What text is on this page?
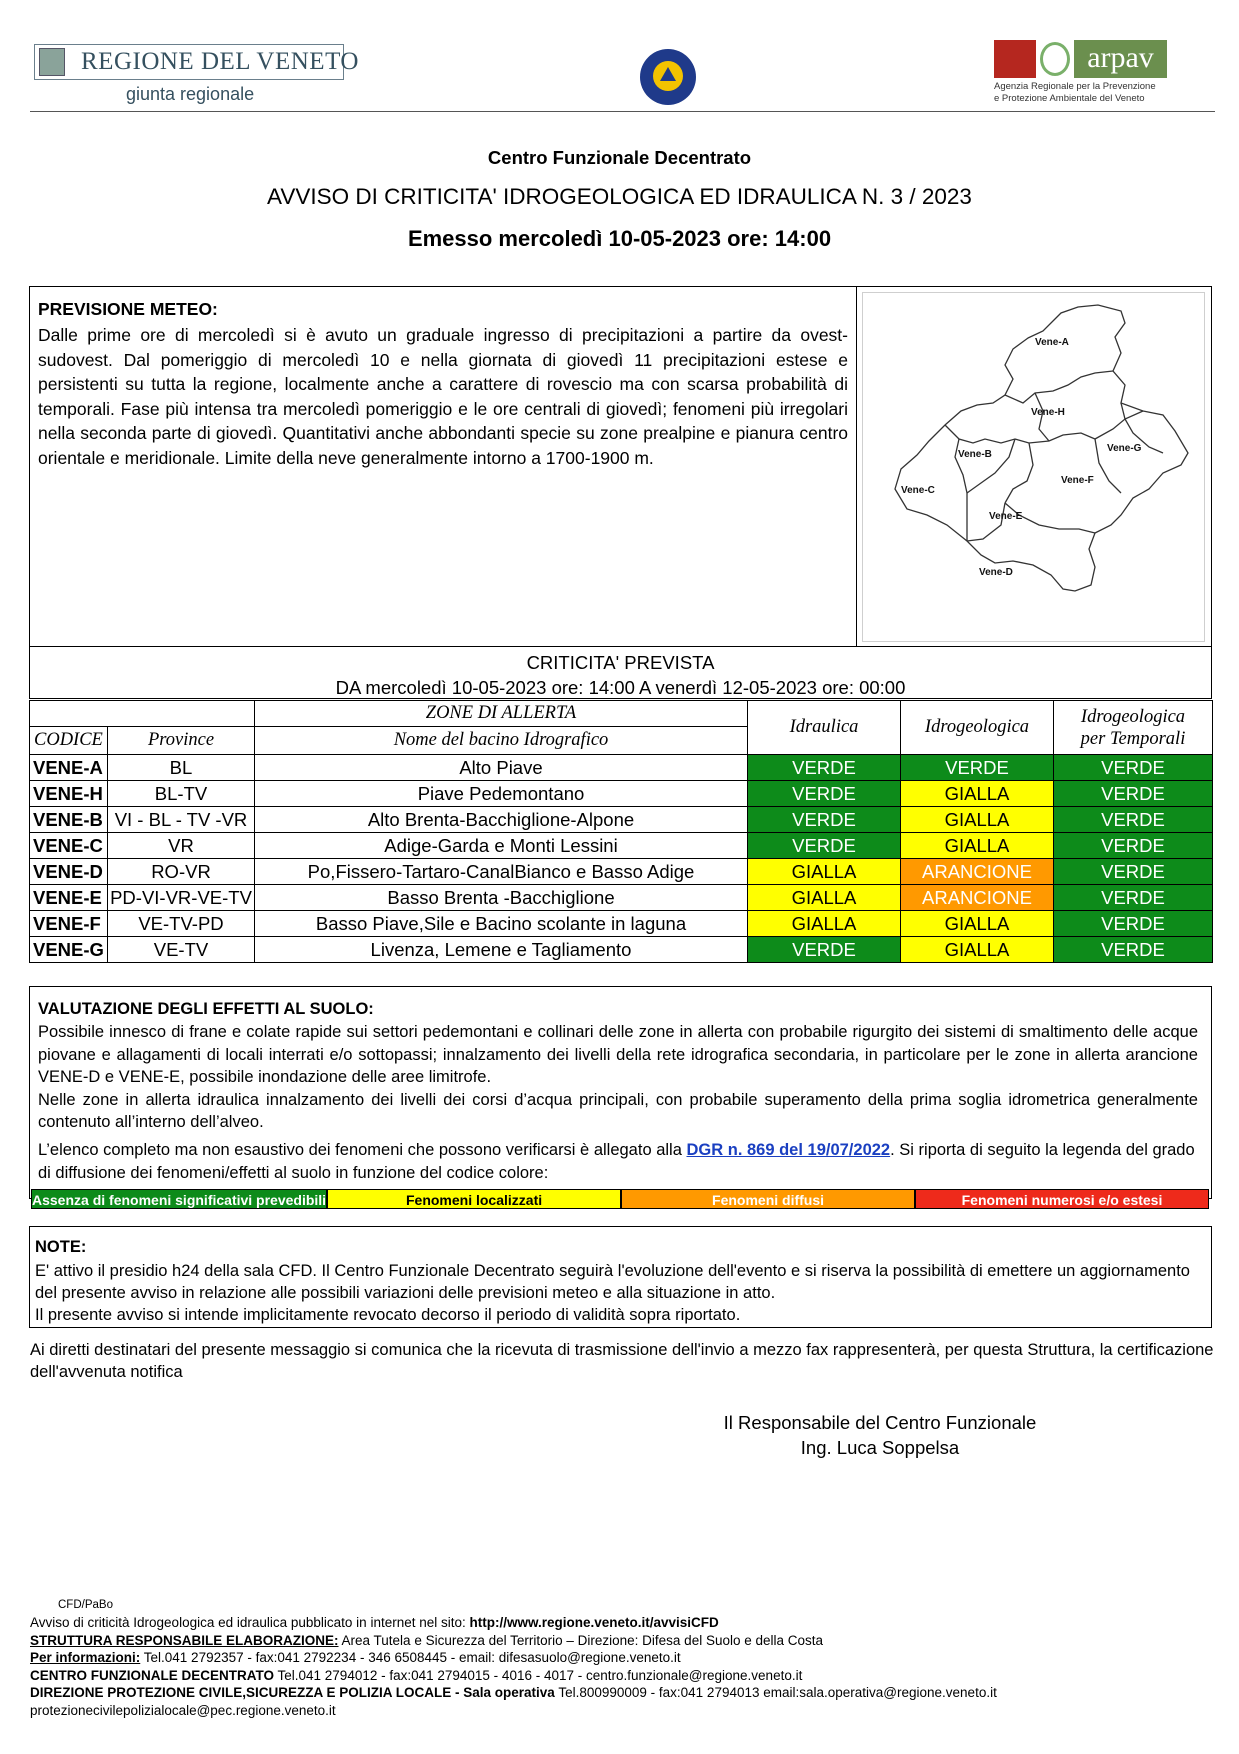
REGIONE DEL VENETO
giunta regionale
arpav
Agenzia Regionale per la Prevenzione
e Protezione Ambientale del Veneto
Centro Funzionale Decentrato
AVVISO DI CRITICITA' IDROGEOLOGICA ED IDRAULICA N. 3 / 2023
Emesso mercoledì 10-05-2023 ore: 14:00
PREVISIONE METEO:
Dalle prime ore di mercoledì si è avuto un graduale ingresso di precipitazioni a partire da ovest-sudovest. Dal pomeriggio di mercoledì 10 e nella giornata di giovedì 11 precipitazioni estese e persistenti su tutta la regione, localmente anche a carattere di rovescio ma con scarsa probabilità di temporali. Fase più intensa tra mercoledì pomeriggio e le ore centrali di giovedì; fenomeni più irregolari nella seconda parte di giovedì. Quantitativi anche abbondanti specie su zone prealpine e pianura centro orientale e meridionale. Limite della neve generalmente intorno a 1700-1900 m.
Vene-A
Vene-H
Vene-B
Vene-G
Vene-F
Vene-C
Vene-E
Vene-D
CRITICITA' PREVISTA
DA mercoledì 10-05-2023 ore: 14:00 A venerdì 12-05-2023 ore: 00:00
		ZONE DI ALLERTA	Idraulica	Idrogeologica	Idrogeologica
per Temporali
CODICE	Province	Nome del bacino Idrografico			
VENE-A	BL	Alto Piave	VERDE	VERDE	VERDE
VENE-H	BL-TV	Piave Pedemontano	VERDE	GIALLA	VERDE
VENE-B	VI - BL - TV -VR	Alto Brenta-Bacchiglione-Alpone	VERDE	GIALLA	VERDE
VENE-C	VR	Adige-Garda e Monti Lessini	VERDE	GIALLA	VERDE
VENE-D	RO-VR	Po,Fissero-Tartaro-CanalBianco e Basso Adige	GIALLA	ARANCIONE	VERDE
VENE-E	PD-VI-VR-VE-TV	Basso Brenta -Bacchiglione	GIALLA	ARANCIONE	VERDE
VENE-F	VE-TV-PD	Basso Piave,Sile e Bacino scolante in laguna	GIALLA	GIALLA	VERDE
VENE-G	VE-TV	Livenza, Lemene e Tagliamento	VERDE	GIALLA	VERDE
VALUTAZIONE DEGLI EFFETTI AL SUOLO:
Possibile innesco di frane e colate rapide sui settori pedemontani e collinari delle zone in allerta con probabile rigurgito dei sistemi di smaltimento delle acque piovane e allagamenti di locali interrati e/o sottopassi; innalzamento dei livelli della rete idrografica secondaria, in particolare per le zone in allerta arancione VENE-D e VENE-E, possibile inondazione delle aree limitrofe.
Nelle zone in allerta idraulica innalzamento dei livelli dei corsi d’acqua principali, con probabile superamento della prima soglia idrometrica generalmente contenuto all’interno dell’alveo.
L’elenco completo ma non esaustivo dei fenomeni che possono verificarsi è allegato alla DGR n. 869 del 19/07/2022. Si riporta di seguito la legenda del grado di diffusione dei fenomeni/effetti al suolo in funzione del codice colore:
Assenza di fenomeni significativi prevedibili	Fenomeni localizzati	Fenomeni diffusi	Fenomeni numerosi e/o estesi
NOTE:
E' attivo il presidio h24 della sala CFD. Il Centro Funzionale Decentrato seguirà l'evoluzione dell'evento e si riserva la possibilità di emettere un aggiornamento del presente avviso in relazione alle possibili variazioni delle previsioni meteo e alla situazione in atto.
Il presente avviso si intende implicitamente revocato decorso il periodo di validità sopra riportato.
Ai diretti destinatari del presente messaggio si comunica che la ricevuta di trasmissione dell'invio a mezzo fax rappresenterà, per questa Struttura, la certificazione dell'avvenuta notifica
Il Responsabile del Centro Funzionale
Ing. Luca Soppelsa
CFD/PaBo
Avviso di criticità Idrogeologica ed idraulica pubblicato in internet nel sito: http://www.regione.veneto.it/avvisiCFD
STRUTTURA RESPONSABILE ELABORAZIONE: Area Tutela e Sicurezza del Territorio – Direzione: Difesa del Suolo e della Costa
Per informazioni: Tel.041 2792357 - fax:041 2792234 - 346 6508445 - email: difesasuolo@regione.veneto.it
CENTRO FUNZIONALE DECENTRATO Tel.041 2794012 - fax:041 2794015 - 4016 - 4017 - centro.funzionale@regione.veneto.it
DIREZIONE PROTEZIONE CIVILE,SICUREZZA E POLIZIA LOCALE - Sala operativa Tel.800990009 - fax:041 2794013 email:sala.operativa@regione.veneto.it
protezionecivilepolizialocale@pec.regione.veneto.it
